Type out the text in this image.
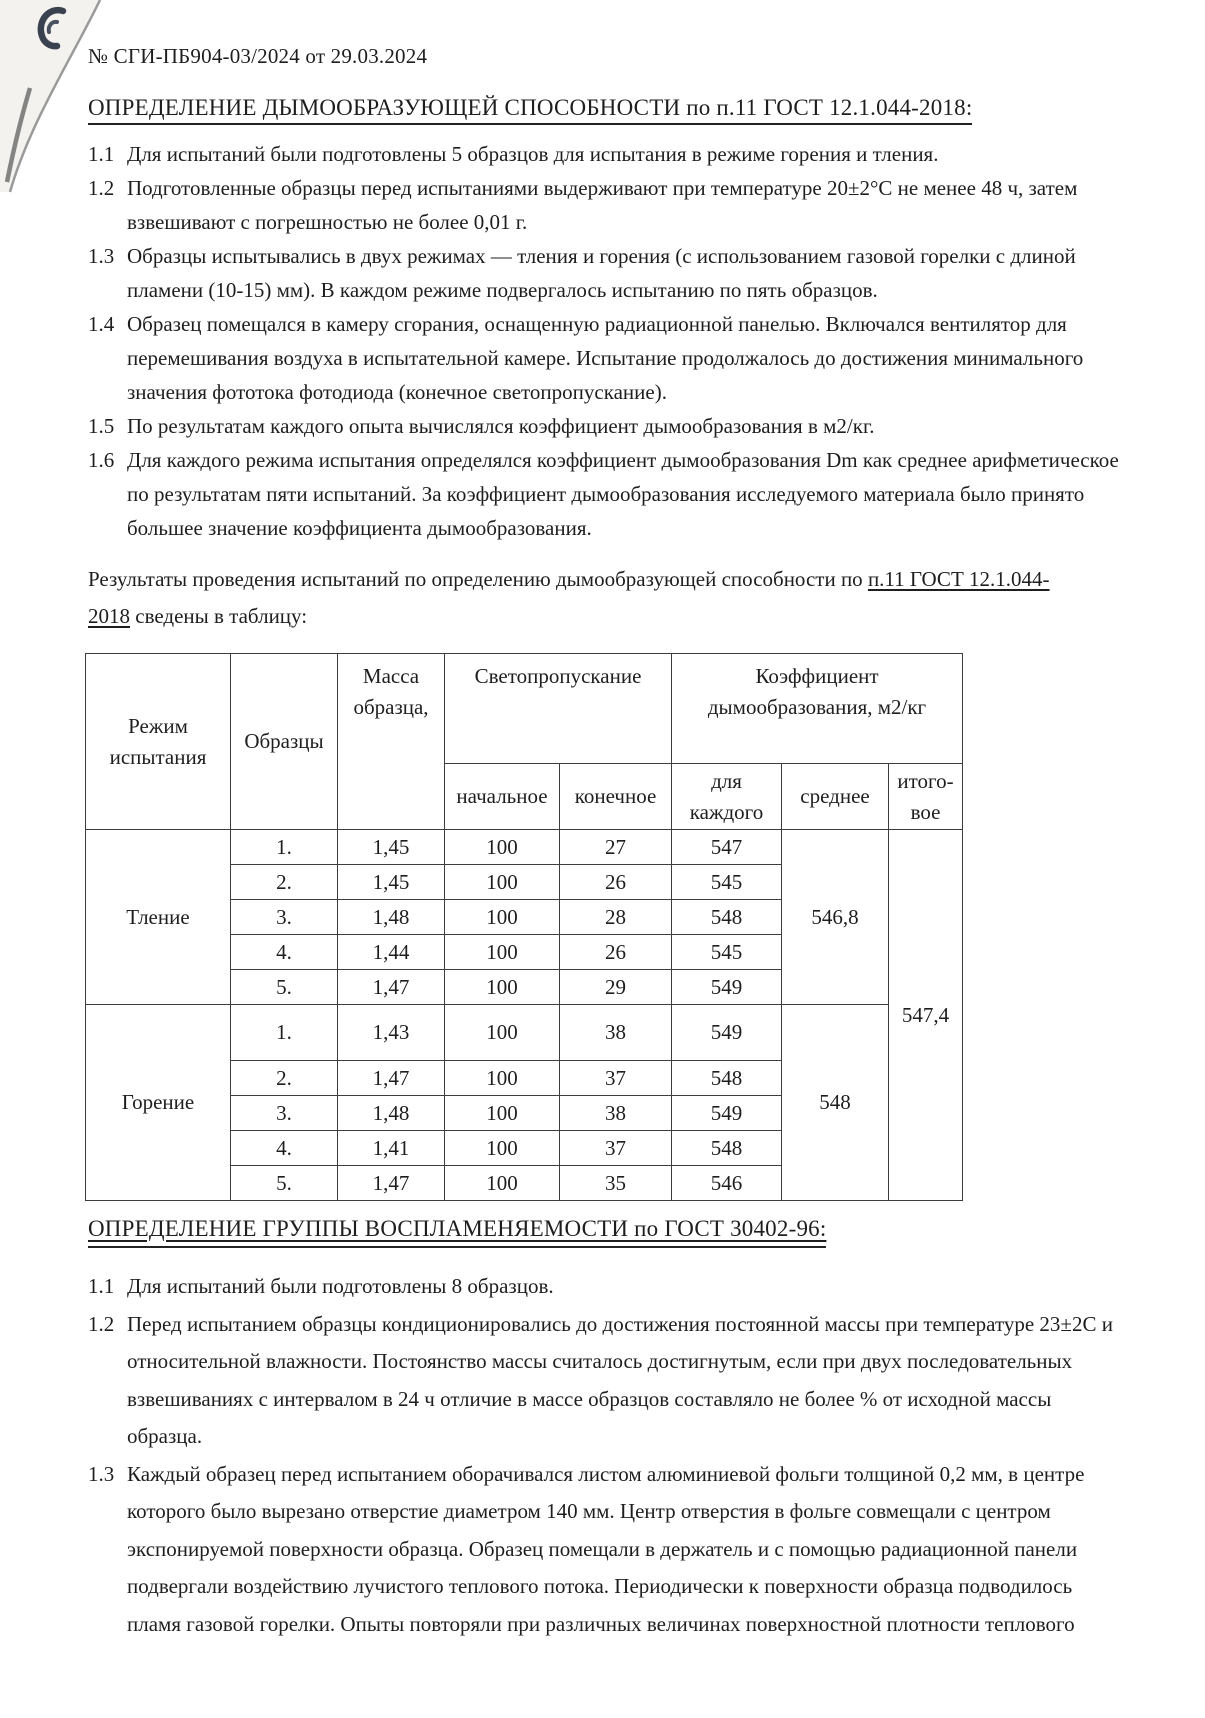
№ СГИ-ПБ904-03/2024 от 29.03.2024
ОПРЕДЕЛЕНИЕ ДЫМООБРАЗУЮЩЕЙ СПОСОБНОСТИ по п.11 ГОСТ 12.1.044-2018:
1.1 Для испытаний были подготовлены 5 образцов для испытания в режиме горения и тления.
1.2 Подготовленные образцы перед испытаниями выдерживают при температуре 20±2°С не менее 48 ч, затем взвешивают с погрешностью не более 0,01 г.
1.3 Образцы испытывались в двух режимах — тления и горения (с использованием газовой горелки с длиной пламени (10-15) мм). В каждом режиме подвергалось испытанию по пять образцов.
1.4 Образец помещался в камеру сгорания, оснащенную радиационной панелью. Включался вентилятор для перемешивания воздуха в испытательной камере. Испытание продолжалось до достижения минимального значения фототока фотодиода (конечное светопропускание).
1.5 По результатам каждого опыта вычислялся коэффициент дымообразования в м2/кг.
1.6 Для каждого режима испытания определялся коэффициент дымообразования Dm как среднее арифметическое по результатам пяти испытаний. За коэффициент дымообразования исследуемого материала было принято большее значение коэффициента дымообразования.
Результаты проведения испытаний по определению дымообразующей способности по п.11 ГОСТ 12.1.044-2018 сведены в таблицу:
Режим испытания	Образцы	Масса образца,	Светопропускание		Коэффициент дымообразования, м2/кг		
			начальное	конечное	для каждого	среднее	итого-вое
Тление	1.	1,45	100	27	547	546,8	547,4
	2.	1,45	100	26	545		
	3.	1,48	100	28	548		
	4.	1,44	100	26	545		
	5.	1,47	100	29	549		
Горение	1.	1,43	100	38	549	548	
	2.	1,47	100	37	548		
	3.	1,48	100	38	549		
	4.	1,41	100	37	548		
	5.	1,47	100	35	546		
ОПРЕДЕЛЕНИЕ ГРУППЫ ВОСПЛАМЕНЯЕМОСТИ по ГОСТ 30402-96:
1.1 Для испытаний были подготовлены 8 образцов.
1.2 Перед испытанием образцы кондиционировались до достижения постоянной массы при температуре 23±2С и относительной влажности. Постоянство массы считалось достигнутым, если при двух последовательных взвешиваниях с интервалом в 24 ч отличие в массе образцов составляло не более % от исходной массы образца.
1.3 Каждый образец перед испытанием оборачивался листом алюминиевой фольги толщиной 0,2 мм, в центре которого было вырезано отверстие диаметром 140 мм. Центр отверстия в фольге совмещали с центром экспонируемой поверхности образца. Образец помещали в держатель и с помощью радиационной панели подвергали воздействию лучистого теплового потока. Периодически к поверхности образца подводилось пламя газовой горелки. Опыты повторяли при различных величинах поверхностной плотности теплового
